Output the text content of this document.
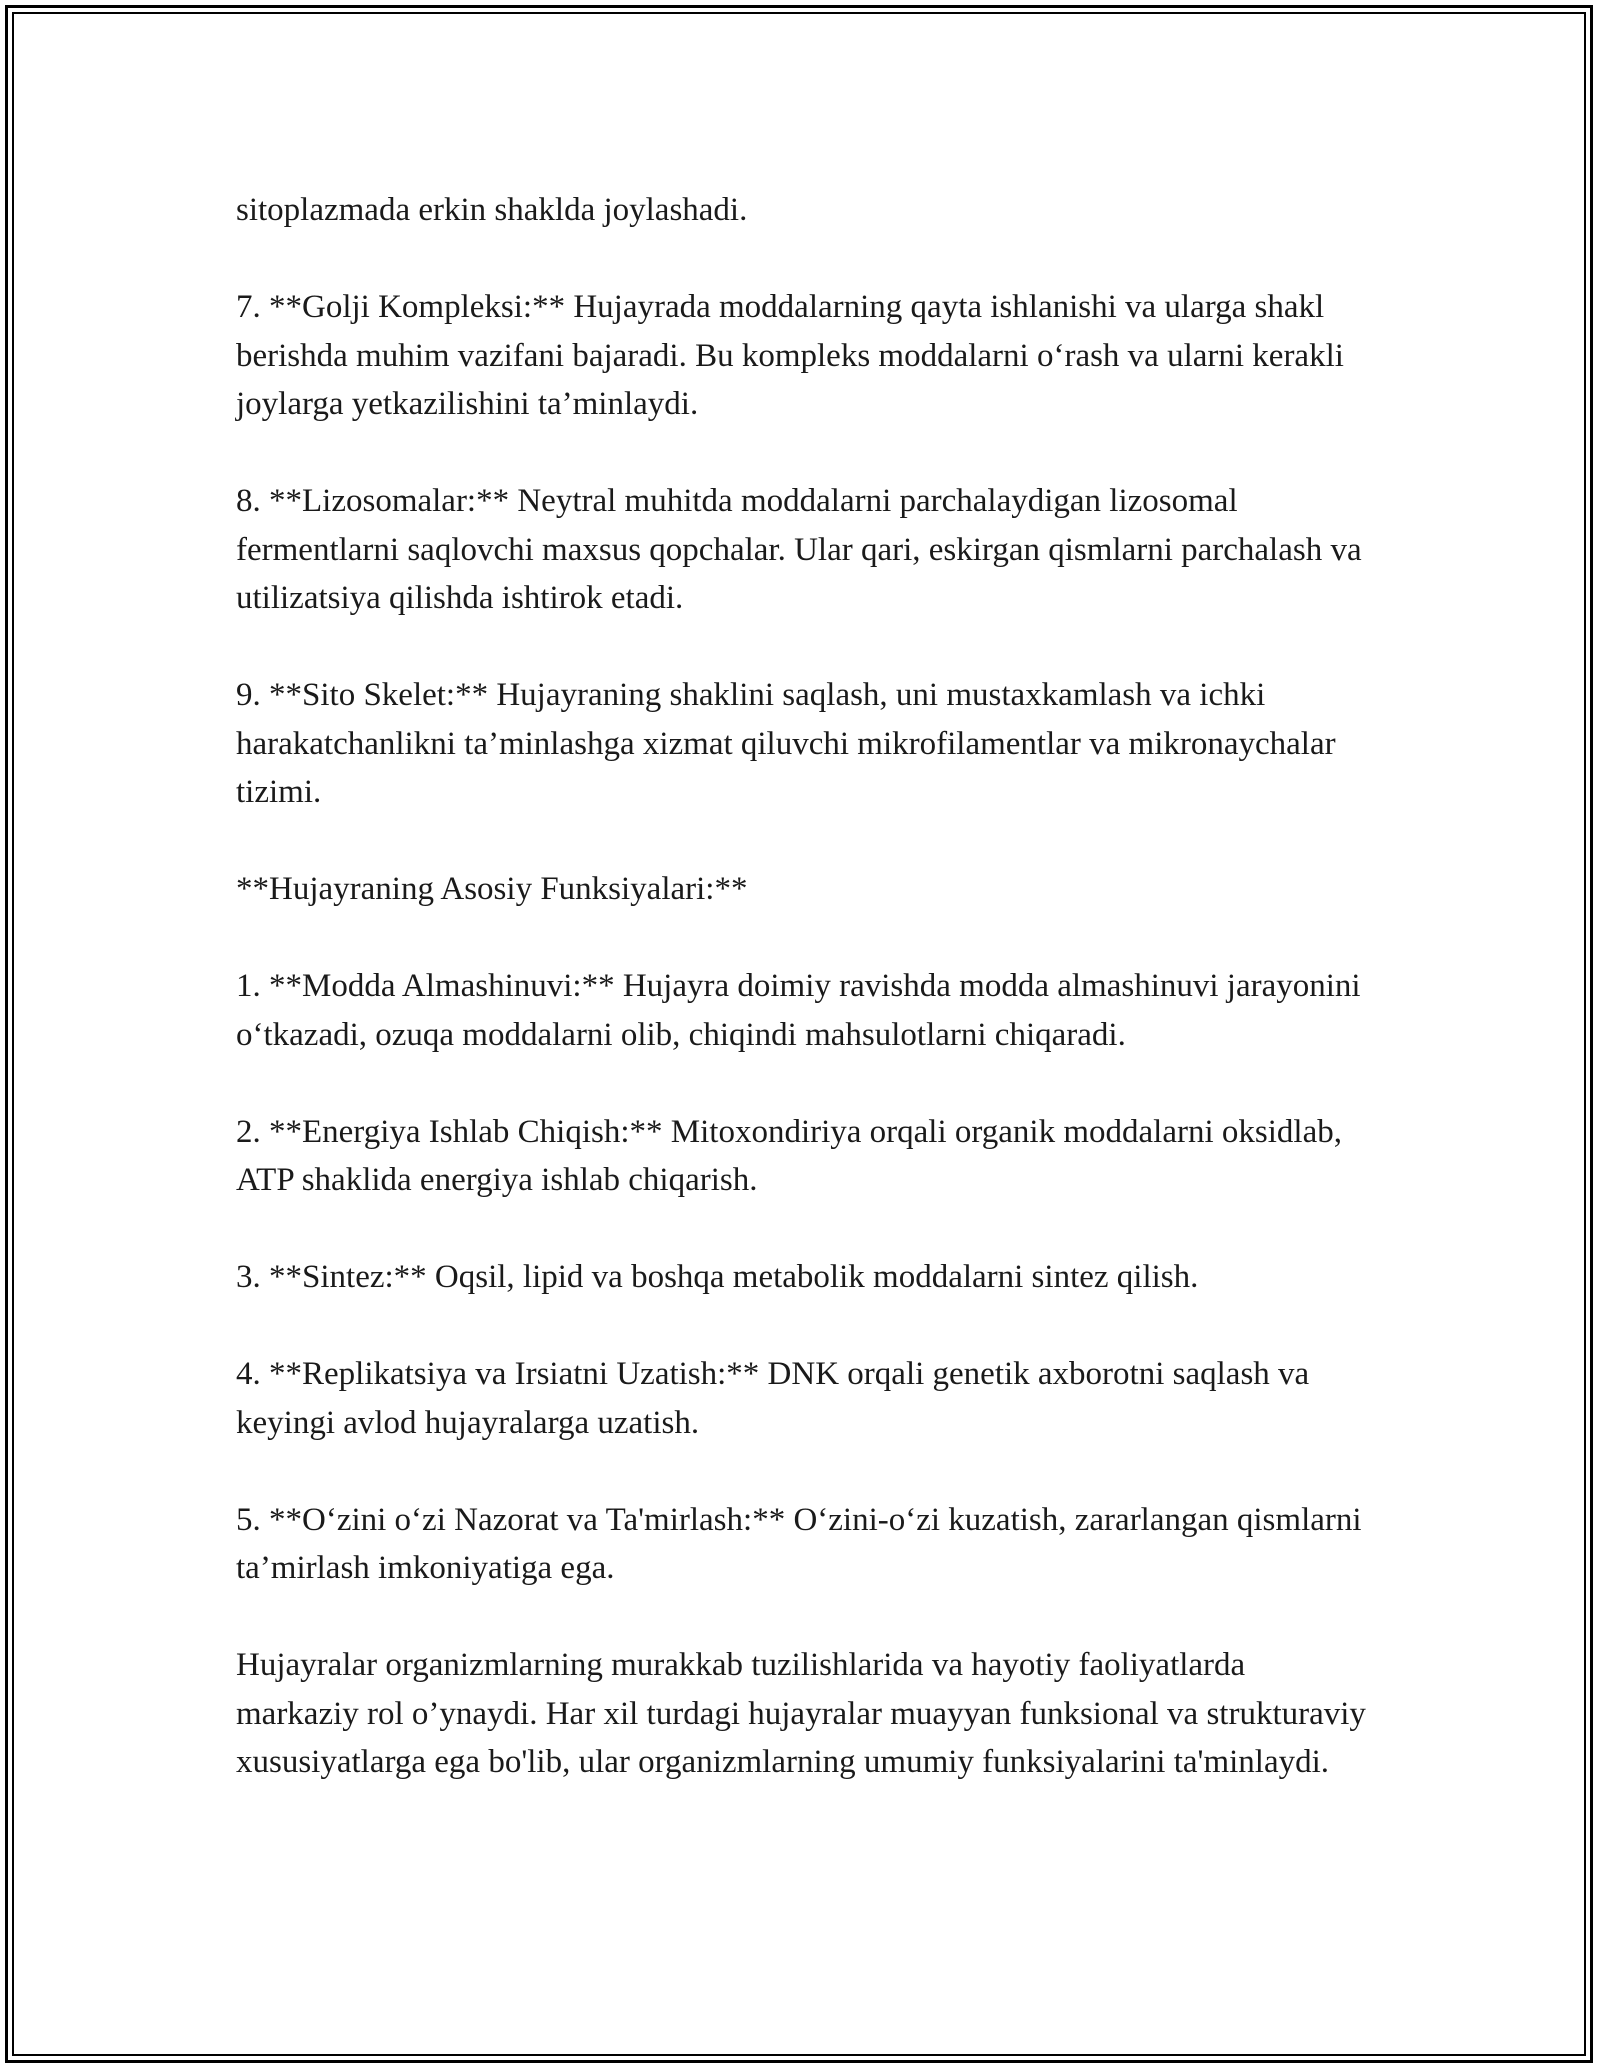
sitoplazmada erkin shaklda joylashadi.

7. **Golji Kompleksi:** Hujayrada moddalarning qayta ishlanishi va ularga shakl berishda muhim vazifani bajaradi. Bu kompleks moddalarni o‘rash va ularni kerakli joylarga yetkazilishini ta’minlaydi.

8. **Lizosomalar:** Neytral muhitda moddalarni parchalaydigan lizosomal fermentlarni saqlovchi maxsus qopchalar. Ular qari, eskirgan qismlarni parchalash va utilizatsiya qilishda ishtirok etadi.

9. **Sito Skelet:** Hujayraning shaklini saqlash, uni mustaxkamlash va ichki harakatchanlikni ta’minlashga xizmat qiluvchi mikrofilamentlar va mikronaychalar tizimi.

**Hujayraning Asosiy Funksiyalari:**

1. **Modda Almashinuvi:** Hujayra doimiy ravishda modda almashinuvi jarayonini o‘tkazadi, ozuqa moddalarni olib, chiqindi mahsulotlarni chiqaradi.

2. **Energiya Ishlab Chiqish:** Mitoxondiriya orqali organik moddalarni oksidlab, ATP shaklida energiya ishlab chiqarish.

3. **Sintez:** Oqsil, lipid va boshqa metabolik moddalarni sintez qilish.

4. **Replikatsiya va Irsiatni Uzatish:** DNK orqali genetik axborotni saqlash va keyingi avlod hujayralarga uzatish.

5. **O‘zini o‘zi Nazorat va Ta'mirlash:** O‘zini-o‘zi kuzatish, zararlangan qismlarni ta’mirlash imkoniyatiga ega.

Hujayralar organizmlarning murakkab tuzilishlarida va hayotiy faoliyatlarda markaziy rol o’ynaydi. Har xil turdagi hujayralar muayyan funksional va strukturaviy xususiyatlarga ega bo'lib, ular organizmlarning umumiy funksiyalarini ta'minlaydi.
